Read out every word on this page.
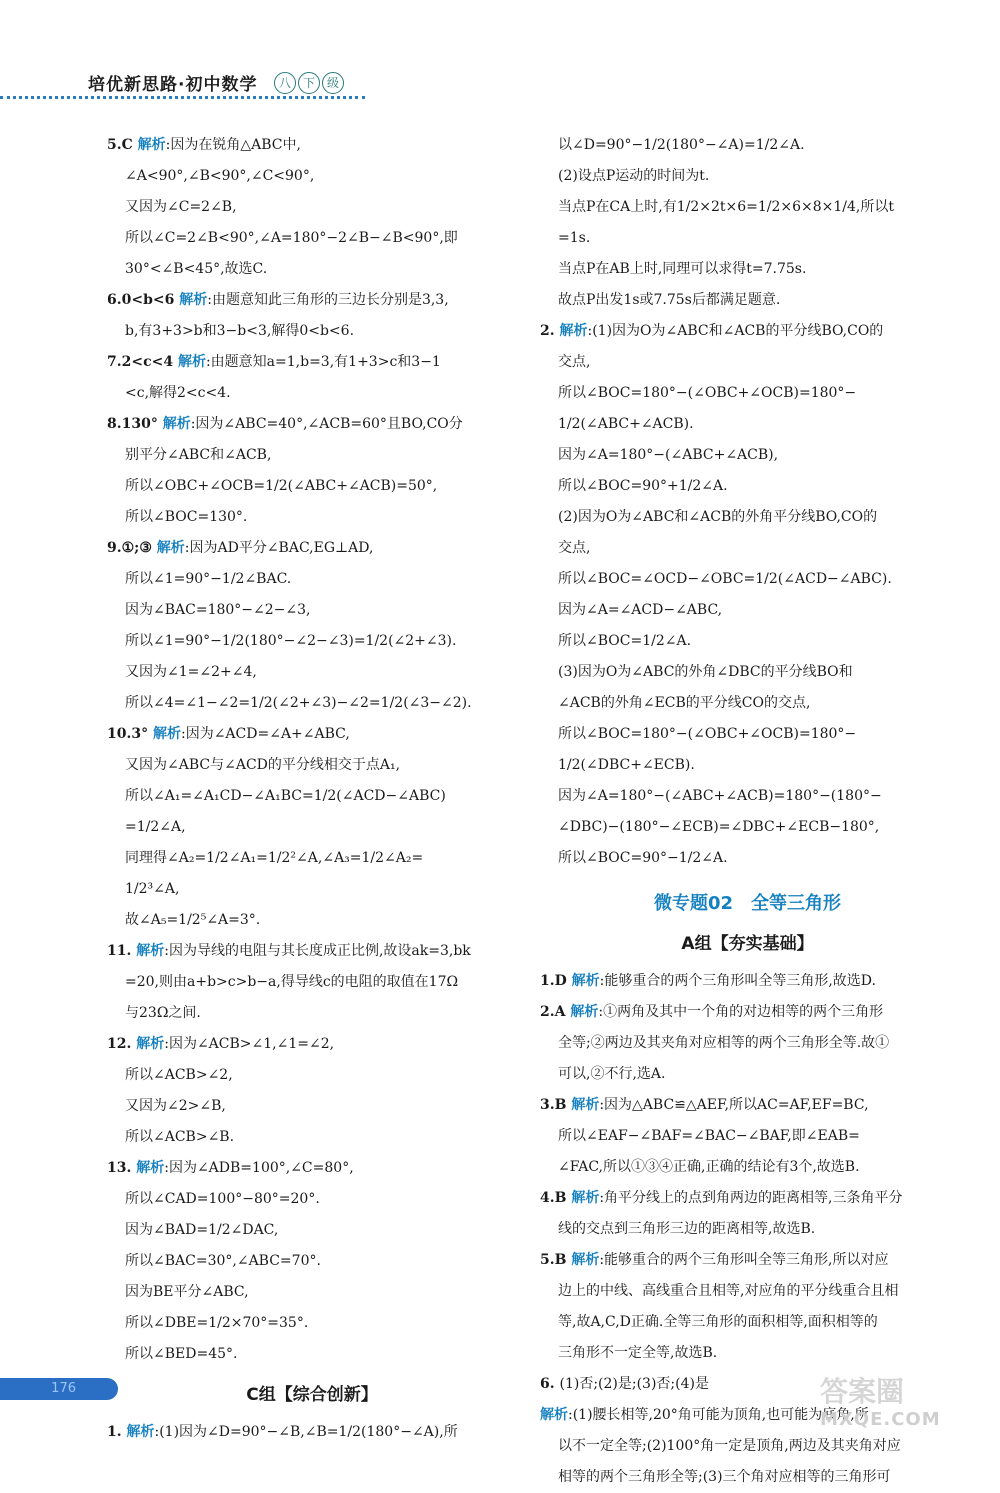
培优新思路·初中数学	八 下 级
5.C 解析:因为在锐角△ABC中,
∠A<90°,∠B<90°,∠C<90°,
又因为∠C=2∠B,
所以∠C=2∠B<90°,∠A=180°−2∠B−∠B<90°,即
30°<∠B<45°,故选C.
6.0<b<6 解析:由题意知此三角形的三边长分别是3,3,
b,有3+3>b和3−b<3,解得0<b<6.
7.2<c<4 解析:由题意知a=1,b=3,有1+3>c和3−1
<c,解得2<c<4.
8.130° 解析:因为∠ABC=40°,∠ACB=60°且BO,CO分
别平分∠ABC和∠ACB,
所以∠OBC+∠OCB=1/2(∠ABC+∠ACB)=50°,
所以∠BOC=130°.
9.①;③ 解析:因为AD平分∠BAC,EG⊥AD,
所以∠1=90°−1/2∠BAC.
因为∠BAC=180°−∠2−∠3,
所以∠1=90°−1/2(180°−∠2−∠3)=1/2(∠2+∠3).
又因为∠1=∠2+∠4,
所以∠4=∠1−∠2=1/2(∠2+∠3)−∠2=1/2(∠3−∠2).
10.3° 解析:因为∠ACD=∠A+∠ABC,
又因为∠ABC与∠ACD的平分线相交于点A₁,
所以∠A₁=∠A₁CD−∠A₁BC=1/2(∠ACD−∠ABC)
=1/2∠A,
同理得∠A₂=1/2∠A₁=1/2²∠A,∠A₃=1/2∠A₂=
1/2³∠A,
故∠A₅=1/2⁵∠A=3°.
11. 解析:因为导线的电阻与其长度成正比例,故设ak=3,bk
=20,则由a+b>c>b−a,得导线c的电阻的取值在17Ω
与23Ω之间.
12. 解析:因为∠ACB>∠1,∠1=∠2,
所以∠ACB>∠2,
又因为∠2>∠B,
所以∠ACB>∠B.
13. 解析:因为∠ADB=100°,∠C=80°,
所以∠CAD=100°−80°=20°.
因为∠BAD=1/2∠DAC,
所以∠BAC=30°,∠ABC=70°.
因为BE平分∠ABC,
所以∠DBE=1/2×70°=35°.
所以∠BED=45°.
C组【综合创新】
1. 解析:(1)因为∠D=90°−∠B,∠B=1/2(180°−∠A),所
以∠D=90°−1/2(180°−∠A)=1/2∠A.
(2)设点P运动的时间为t.
当点P在CA上时,有1/2×2t×6=1/2×6×8×1/4,所以t
=1s.
当点P在AB上时,同理可以求得t=7.75s.
故点P出发1s或7.75s后都满足题意.
2. 解析:(1)因为O为∠ABC和∠ACB的平分线BO,CO的
交点,
所以∠BOC=180°−(∠OBC+∠OCB)=180°−
1/2(∠ABC+∠ACB).
因为∠A=180°−(∠ABC+∠ACB),
所以∠BOC=90°+1/2∠A.
(2)因为O为∠ABC和∠ACB的外角平分线BO,CO的
交点,
所以∠BOC=∠OCD−∠OBC=1/2(∠ACD−∠ABC).
因为∠A=∠ACD−∠ABC,
所以∠BOC=1/2∠A.
(3)因为O为∠ABC的外角∠DBC的平分线BO和
∠ACB的外角∠ECB的平分线CO的交点,
所以∠BOC=180°−(∠OBC+∠OCB)=180°−
1/2(∠DBC+∠ECB).
因为∠A=180°−(∠ABC+∠ACB)=180°−(180°−
∠DBC)−(180°−∠ECB)=∠DBC+∠ECB−180°,
所以∠BOC=90°−1/2∠A.
微专题02　全等三角形
A组【夯实基础】
1.D 解析:能够重合的两个三角形叫全等三角形,故选D.
2.A 解析:①两角及其中一个角的对边相等的两个三角形
全等;②两边及其夹角对应相等的两个三角形全等.故①
可以,②不行,选A.
3.B 解析:因为△ABC≌△AEF,所以AC=AF,EF=BC,
所以∠EAF−∠BAF=∠BAC−∠BAF,即∠EAB=
∠FAC,所以①③④正确,正确的结论有3个,故选B.
4.B 解析:角平分线上的点到角两边的距离相等,三条角平分
线的交点到三角形三边的距离相等,故选B.
5.B 解析:能够重合的两个三角形叫全等三角形,所以对应
边上的中线、高线重合且相等,对应角的平分线重合且相
等,故A,C,D正确.全等三角形的面积相等,面积相等的
三角形不一定全等,故选B.
6. (1)否;(2)是;(3)否;(4)是
解析:(1)腰长相等,20°角可能为顶角,也可能为底角,所
以不一定全等;(2)100°角一定是顶角,两边及其夹角对应
相等的两个三角形全等;(3)三个角对应相等的三角形可
176	答案圈
MXQE.COM
